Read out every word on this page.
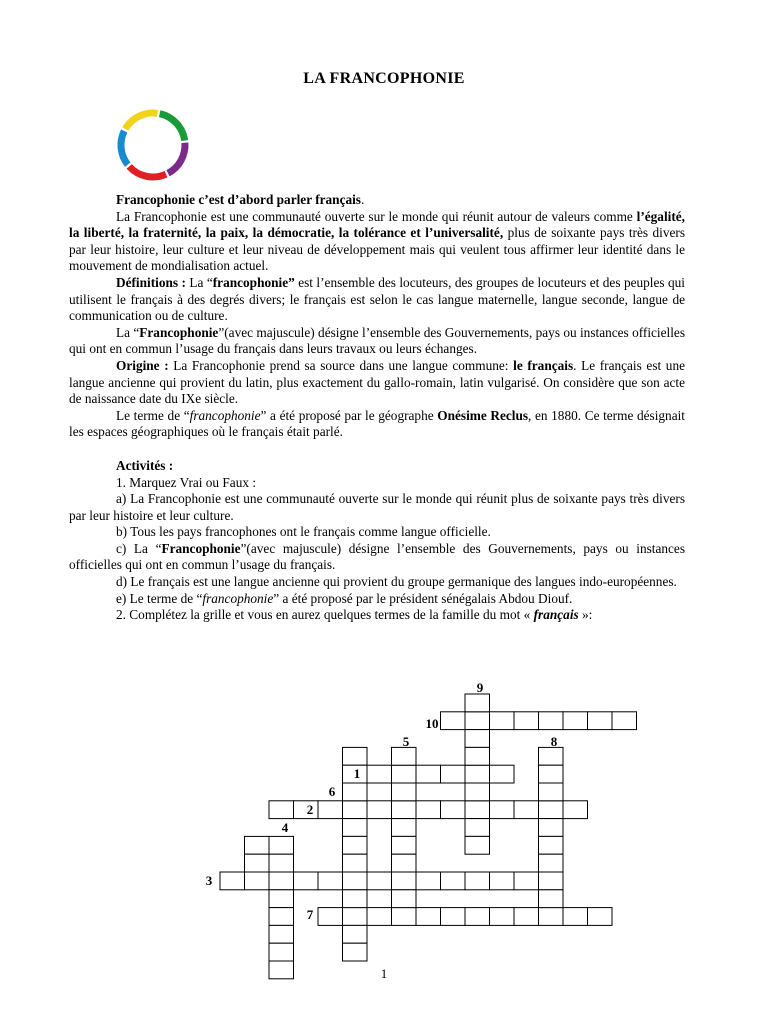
LA FRANCOPHONIE

Francophonie c’est d’abord parler français.

La Francophonie est une communauté ouverte sur le monde qui réunit autour de valeurs comme l’égalité, la liberté, la fraternité, la paix, la démocratie, la tolérance et l’universalité, plus de soixante pays très divers par leur histoire, leur culture et leur niveau de développement mais qui veulent tous affirmer leur identité dans le mouvement de mondialisation actuel.

Définitions : La “francophonie” est l’ensemble des locuteurs, des groupes de locuteurs et des peuples qui utilisent le français à des degrés divers; le français est selon le cas langue maternelle, langue seconde, langue de communication ou de culture.

La “Francophonie”(avec majuscule) désigne l’ensemble des Gouvernements, pays ou instances officielles qui ont en commun l’usage du français dans leurs travaux ou leurs échanges.

Origine : La Francophonie prend sa source dans une langue commune: le français. Le français est une langue ancienne qui provient du latin, plus exactement du gallo-romain, latin vulgarisé. On considère que son acte de naissance date du IXe siècle.

Le terme de “francophonie” a été proposé par le géographe Onésime Reclus, en 1880. Ce terme désignait les espaces géographiques où le français était parlé.

Activités :

1. Marquez Vrai ou Faux :

a) La Francophonie est une communauté ouverte sur le monde qui réunit plus de soixante pays très divers par leur histoire et leur culture.

b) Tous les pays francophones ont le français comme langue officielle.

c) La “Francophonie”(avec majuscule) désigne l’ensemble des Gouvernements, pays ou instances officielles qui ont en commun l’usage du français.

d) Le français est une langue ancienne qui provient du groupe germanique des langues indo-européennes.

e) Le terme de “francophonie” a été proposé par le président sénégalais Abdou Diouf.

2. Complétez la grille et vous en aurez quelques termes de la famille du mot « français »:

1
2
3
4
5
6
7
8
9
10
1
